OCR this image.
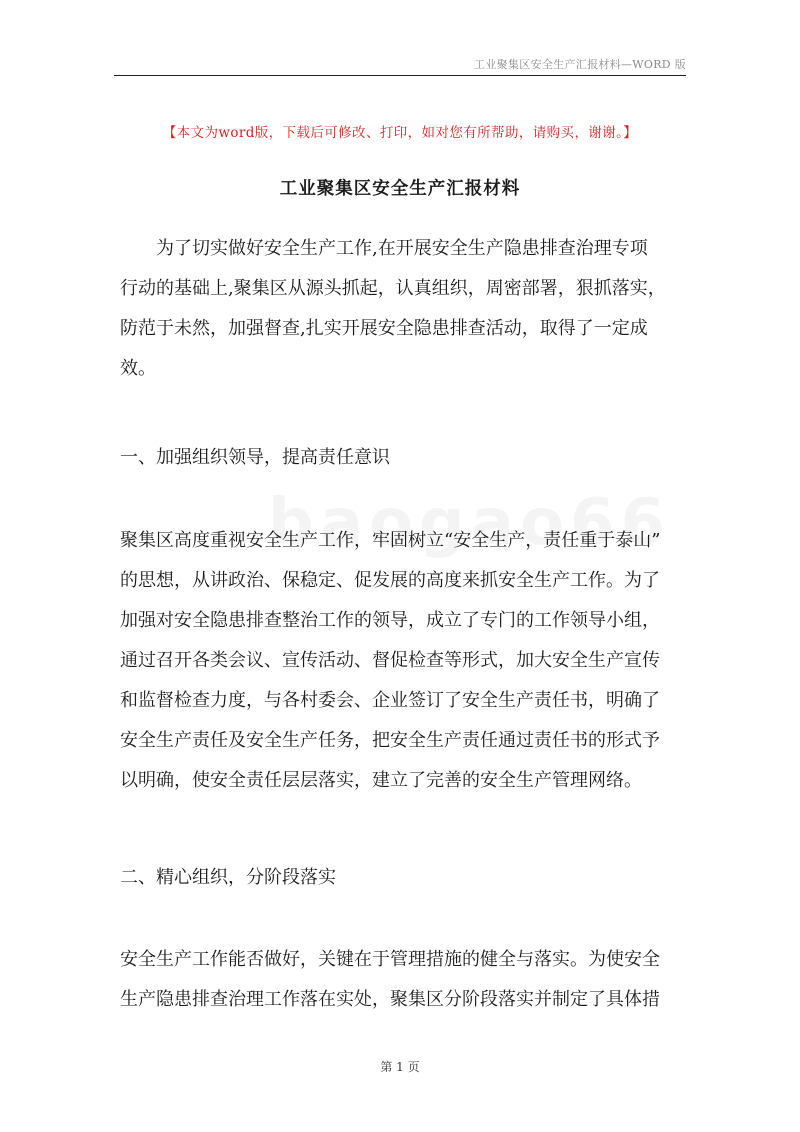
工业聚集区安全生产汇报材料—WORD 版
【本文为word版，下载后可修改、打印，如对您有所帮助，请购买，谢谢。】
工业聚集区安全生产汇报材料

为了切实做好安全生产工作,在开展安全生产隐患排查治理专项
行动的基础上,聚集区从源头抓起，认真组织，周密部署，狠抓落实，
防范于未然，加强督查,扎实开展安全隐患排查活动，取得了一定成
效。

一、加强组织领导，提高责任意识

聚集区高度重视安全生产工作，牢固树立“安全生产，责任重于泰山”
的思想，从讲政治、保稳定、促发展的高度来抓安全生产工作。为了
加强对安全隐患排查整治工作的领导，成立了专门的工作领导小组，
通过召开各类会议、宣传活动、督促检查等形式，加大安全生产宣传
和监督检查力度，与各村委会、企业签订了安全生产责任书，明确了
安全生产责任及安全生产任务，把安全生产责任通过责任书的形式予
以明确，使安全责任层层落实，建立了完善的安全生产管理网络。

二、精心组织，分阶段落实

安全生产工作能否做好，关键在于管理措施的健全与落实。为使安全
生产隐患排查治理工作落在实处，聚集区分阶段落实并制定了具体措

第 1 页
